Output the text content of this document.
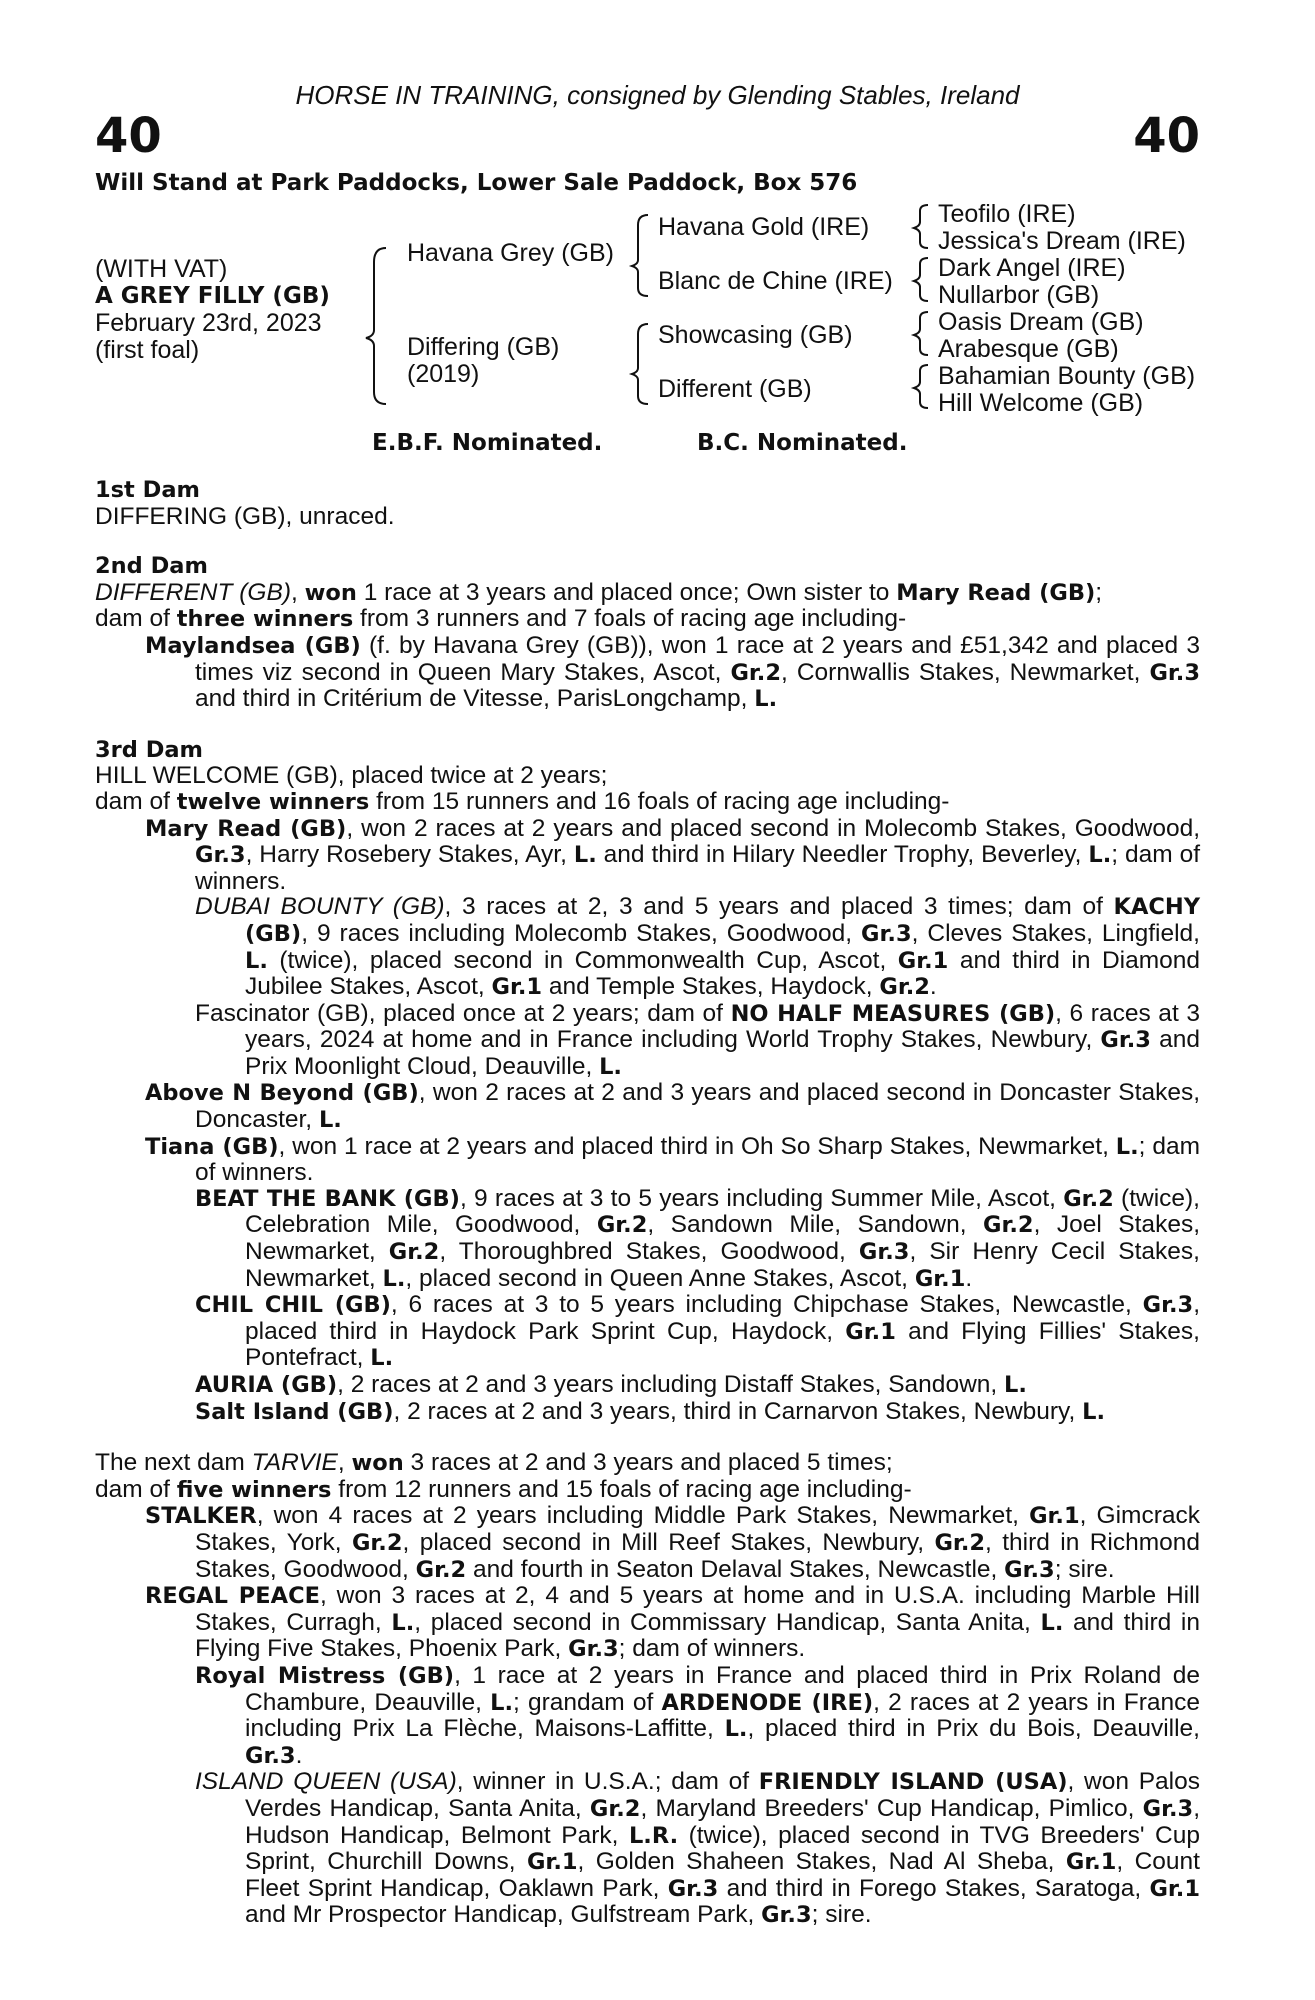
HORSE IN TRAINING, consigned by Glending Stables, Ireland
40	40
Will Stand at Park Paddocks, Lower Sale Paddock, Box 576
(WITH VAT)
A GREY FILLY (GB)
February 23rd, 2023
(first foal)
Havana Grey (GB)
Differing (GB)
(2019)
Havana Gold (IRE)
Blanc de Chine (IRE)
Showcasing (GB)
Different (GB)
Teofilo (IRE)
Jessica's Dream (IRE)
Dark Angel (IRE)
Nullarbor (GB)
Oasis Dream (GB)
Arabesque (GB)
Bahamian Bounty (GB)
Hill Welcome (GB)
E.B.F. Nominated.	B.C. Nominated.

1st Dam

DIFFERING (GB), unraced.

2nd Dam

DIFFERENT (GB), won 1 race at 3 years and placed once; Own sister to Mary Read (GB);

dam of three winners from 3 runners and 7 foals of racing age including-

Maylandsea (GB) (f. by Havana Grey (GB)), won 1 race at 2 years and £51,342 and placed 3 times viz second in Queen Mary Stakes, Ascot, Gr.2, Cornwallis Stakes, Newmarket, Gr.3 and third in Critérium de Vitesse, ParisLongchamp, L.

3rd Dam

HILL WELCOME (GB), placed twice at 2 years;

dam of twelve winners from 15 runners and 16 foals of racing age including-

Mary Read (GB), won 2 races at 2 years and placed second in Molecomb Stakes, Goodwood, Gr.3, Harry Rosebery Stakes, Ayr, L. and third in Hilary Needler Trophy, Beverley, L.; dam of winners.

DUBAI BOUNTY (GB), 3 races at 2, 3 and 5 years and placed 3 times; dam of KACHY (GB), 9 races including Molecomb Stakes, Goodwood, Gr.3, Cleves Stakes, Lingfield, L. (twice), placed second in Commonwealth Cup, Ascot, Gr.1 and third in Diamond Jubilee Stakes, Ascot, Gr.1 and Temple Stakes, Haydock, Gr.2.

Fascinator (GB), placed once at 2 years; dam of NO HALF MEASURES (GB), 6 races at 3 years, 2024 at home and in France including World Trophy Stakes, Newbury, Gr.3 and Prix Moonlight Cloud, Deauville, L.

Above N Beyond (GB), won 2 races at 2 and 3 years and placed second in Doncaster Stakes, Doncaster, L.

Tiana (GB), won 1 race at 2 years and placed third in Oh So Sharp Stakes, Newmarket, L.; dam of winners.

BEAT THE BANK (GB), 9 races at 3 to 5 years including Summer Mile, Ascot, Gr.2 (twice), Celebration Mile, Goodwood, Gr.2, Sandown Mile, Sandown, Gr.2, Joel Stakes, Newmarket, Gr.2, Thoroughbred Stakes, Goodwood, Gr.3, Sir Henry Cecil Stakes, Newmarket, L., placed second in Queen Anne Stakes, Ascot, Gr.1.

CHIL CHIL (GB), 6 races at 3 to 5 years including Chipchase Stakes, Newcastle, Gr.3, placed third in Haydock Park Sprint Cup, Haydock, Gr.1 and Flying Fillies' Stakes, Pontefract, L.

AURIA (GB), 2 races at 2 and 3 years including Distaff Stakes, Sandown, L.

Salt Island (GB), 2 races at 2 and 3 years, third in Carnarvon Stakes, Newbury, L.

The next dam TARVIE, won 3 races at 2 and 3 years and placed 5 times;

dam of five winners from 12 runners and 15 foals of racing age including-

STALKER, won 4 races at 2 years including Middle Park Stakes, Newmarket, Gr.1, Gimcrack Stakes, York, Gr.2, placed second in Mill Reef Stakes, Newbury, Gr.2, third in Richmond Stakes, Goodwood, Gr.2 and fourth in Seaton Delaval Stakes, Newcastle, Gr.3; sire.

REGAL PEACE, won 3 races at 2, 4 and 5 years at home and in U.S.A. including Marble Hill Stakes, Curragh, L., placed second in Commissary Handicap, Santa Anita, L. and third in Flying Five Stakes, Phoenix Park, Gr.3; dam of winners.

Royal Mistress (GB), 1 race at 2 years in France and placed third in Prix Roland de Chambure, Deauville, L.; grandam of ARDENODE (IRE), 2 races at 2 years in France including Prix La Flèche, Maisons-Laffitte, L., placed third in Prix du Bois, Deauville, Gr.3.

ISLAND QUEEN (USA), winner in U.S.A.; dam of FRIENDLY ISLAND (USA), won Palos Verdes Handicap, Santa Anita, Gr.2, Maryland Breeders' Cup Handicap, Pimlico, Gr.3, Hudson Handicap, Belmont Park, L.R. (twice), placed second in TVG Breeders' Cup Sprint, Churchill Downs, Gr.1, Golden Shaheen Stakes, Nad Al Sheba, Gr.1, Count Fleet Sprint Handicap, Oaklawn Park, Gr.3 and third in Forego Stakes, Saratoga, Gr.1 and Mr Prospector Handicap, Gulfstream Park, Gr.3; sire.
